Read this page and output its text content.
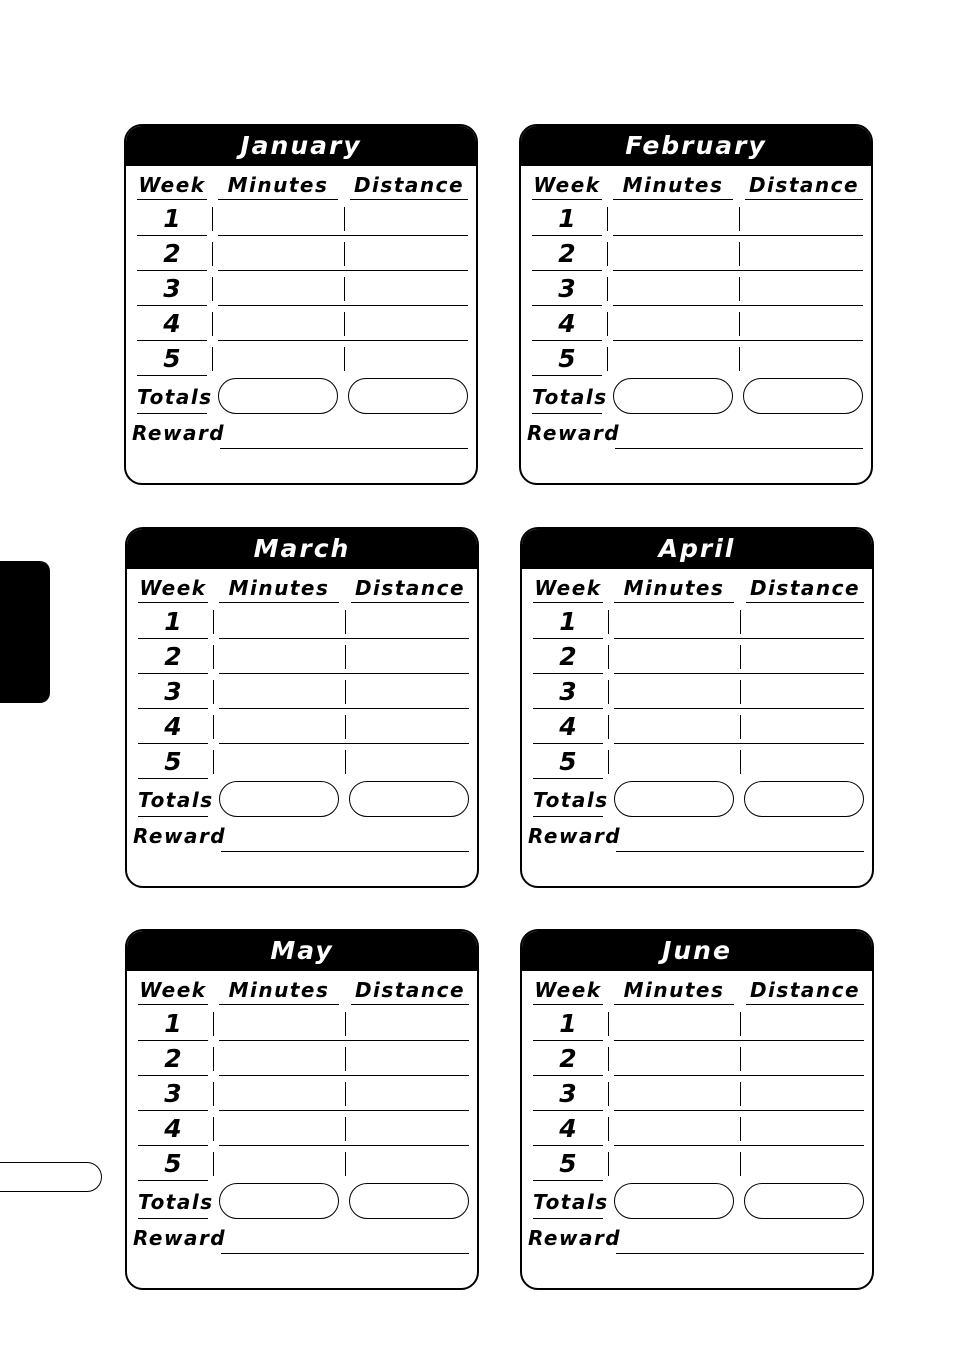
January
Week	Minutes	Distance
1
2
3
4
5
Totals
Reward
February
Week	Minutes	Distance
1
2
3
4
5
Totals
Reward
March
Week	Minutes	Distance
1
2
3
4
5
Totals
Reward
April
Week	Minutes	Distance
1
2
3
4
5
Totals
Reward
May
Week	Minutes	Distance
1
2
3
4
5
Totals
Reward
June
Week	Minutes	Distance
1
2
3
4
5
Totals
Reward
